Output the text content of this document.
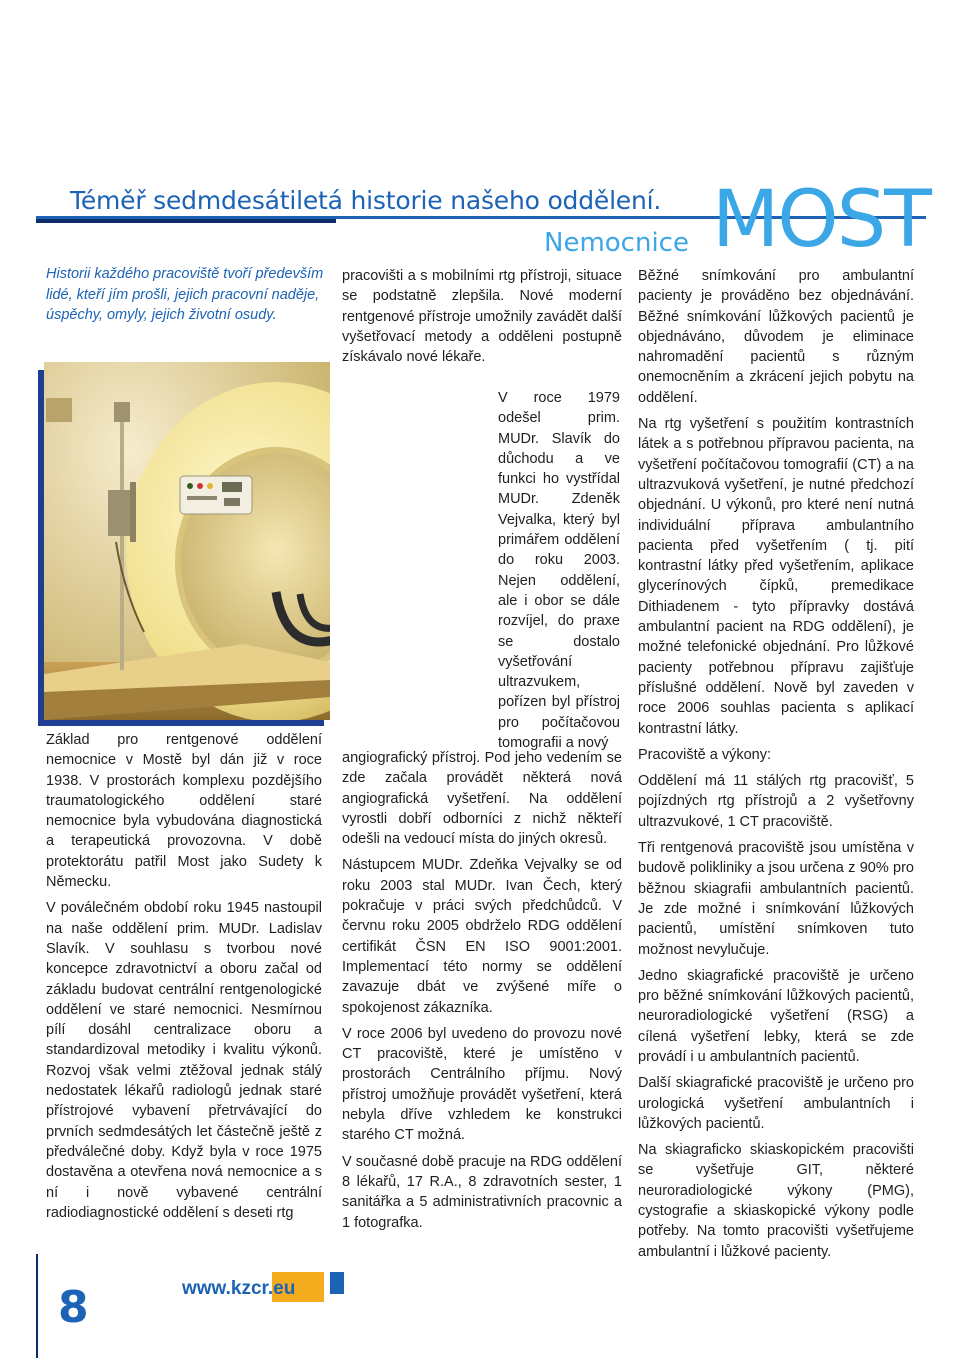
Téměř sedmdesátiletá historie našeho oddělení.
Nemocnice MOST

Historii každého pracoviště tvoří především lidé, kteří jím prošli, jejich pracovní naděje, úspěchy, omyly, jejich životní osudy.

Základ pro rentgenové oddělení nemocnice v Mostě byl dán již v roce 1938. V prostorách komplexu pozdějšího traumatologického oddělení staré nemocnice byla vybudována diagnostická a terapeutická provozovna. V době protektorátu patřil Most jako Sudety k Německu.

V poválečném období roku 1945 nastoupil na naše oddělení prim. MUDr. Ladislav Slavík. V souhlasu s tvorbou nové koncepce zdravotnictví a oboru začal od základu budovat centrální rentgenologické oddělení ve staré nemocnici. Nesmírnou pílí dosáhl centralizace oboru a standardizoval metodiky i kvalitu výkonů. Rozvoj však velmi ztěžoval jednak stálý nedostatek lékařů radiologů jednak staré přístrojové vybavení přetrvávající do prvních sedmdesátých let částečně ještě z předválečné doby. Když byla v roce 1975 dostavěna a otevřena nová nemocnice a s ní i nově vybavené centrální radiodiagnostické oddělení s deseti rtg

pracovišti a s mobilními rtg přístroji, situace se podstatně zlepšila. Nové moderní rentgenové přístroje umožnily zavádět další vyšetřovací metody a odděleni postupně získávalo nové lékaře.

V roce 1979 odešel prim. MUDr. Slavík do důchodu a ve funkci ho vystřídal MUDr. Zdeněk Vejvalka, který byl primářem oddělení do roku 2003. Nejen oddělení, ale i obor se dále rozvíjel, do praxe se dostalo vyšetřování ultrazvukem, pořízen byl přístroj pro počítačovou tomografii a nový

angiografický přístroj. Pod jeho vedením se zde začala provádět některá nová angiografická vyšetření. Na oddělení vyrostli dobří odborníci z nichž někteří odešli na vedoucí místa do jiných okresů.

Nástupcem MUDr. Zdeňka Vejvalky se od roku 2003 stal MUDr. Ivan Čech, který pokračuje v práci svých předchůdců. V červnu roku 2005 obdrželo RDG oddělení certifikát ČSN EN ISO 9001:2001. Implementací této normy se oddělení zavazuje dbát ve zvýšené míře o spokojenost zákazníka.

V roce 2006 byl uvedeno do provozu nové CT pracoviště, které je umístěno v prostorách Centrálního příjmu. Nový přístroj umožňuje provádět vyšetření, která nebyla dříve vzhledem ke konstrukci starého CT možná.

V současné době pracuje na RDG oddělení 8 lékařů, 17 R.A., 8 zdravotních sester, 1 sanitářka a 5 administrativních pracovnic a 1 fotografka.

Běžné snímkování pro ambulantní pacienty je prováděno bez objednávání. Běžné snímkování lůžkových pacientů je objednáváno, důvodem je eliminace nahromadění pacientů s různým onemocněním a zkrácení jejich pobytu na oddělení.

Na rtg vyšetření s použitím kontrastních látek a s potřebnou přípravou pacienta, na vyšetření počítačovou tomografií (CT) a na ultrazvuková vyšetření, je nutné předchozí objednání. U výkonů, pro které není nutná individuální příprava ambulantního pacienta před vyšetřením ( tj. pití kontrastní látky před vyšetřením, aplikace glycerínových čípků, premedikace Dithiadenem - tyto přípravky dostává ambulantní pacient na RDG oddělení), je možné telefonické objednání. Pro lůžkové pacienty potřebnou přípravu zajišťuje příslušné oddělení. Nově byl zaveden v roce 2006 souhlas pacienta s aplikací kontrastní látky.

Pracoviště a výkony:

Oddělení má 11 stálých rtg pracovišť, 5 pojízdných rtg přístrojů a 2 vyšetřovny ultrazvukové, 1 CT pracoviště.

Tři rentgenová pracoviště jsou umístěna v budově polikliniky a jsou určena z 90% pro běžnou skiagrafii ambulantních pacientů. Je zde možné i snímkování lůžkových pacientů, umístění snímkoven tuto možnost nevylučuje.

Jedno skiagrafické pracoviště je určeno pro běžné snímkování lůžkových pacientů, neuroradiologické vyšetření (RSG) a cílená vyšetření lebky, která se zde provádí i u ambulantních pacientů.

Další skiagrafické pracoviště je určeno pro urologická vyšetření ambulantních i lůžkových pacientů.

Na skiagraficko skiaskopickém pracovišti se vyšetřuje GIT, některé neuroradiologické výkony (PMG), cystografie a skiaskopické výkony podle potřeby. Na tomto pracovišti vyšetřujeme ambulantní i lůžkové pacienty.

8	www.kzcr.eu
